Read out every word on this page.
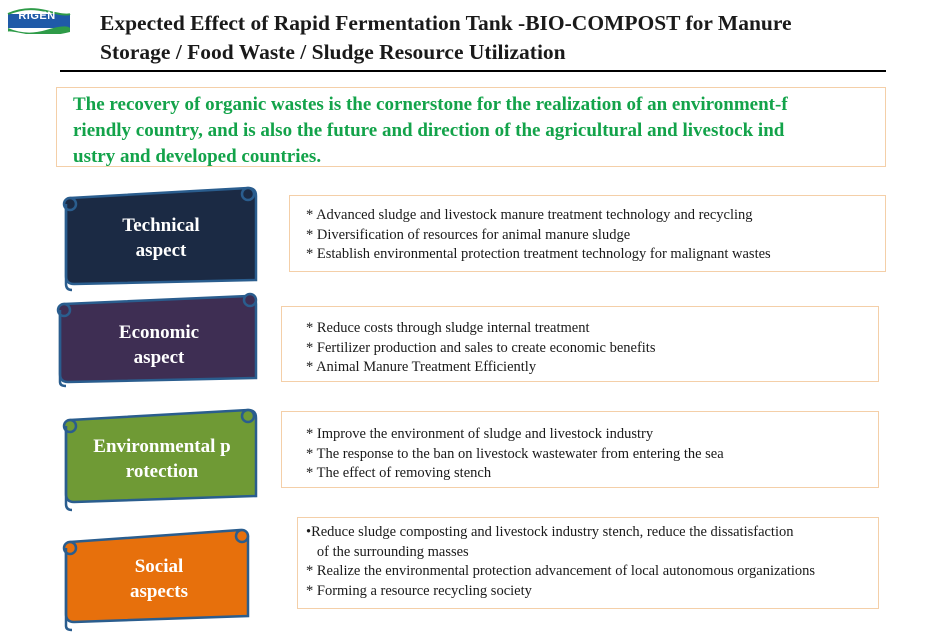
RIGEN	Expected Effect of Rapid Fermentation Tank -BIO-COMPOST for Manure
Storage / Food Waste / Sludge Resource Utilization
The recovery of organic wastes is the cornerstone for the realization of an environment-f
riendly country, and is also the future and direction of the agricultural and livestock ind
ustry and developed countries.
Technical
aspect
* Advanced sludge and livestock manure treatment technology and recycling
* Diversification of resources for animal manure sludge
* Establish environmental protection treatment technology for malignant wastes
Economic
aspect
* Reduce costs through sludge internal treatment
* Fertilizer production and sales to create economic benefits
* Animal Manure Treatment Efficiently
Environmental p
rotection
* Improve the environment of sludge and livestock industry
* The response to the ban on livestock wastewater from entering the sea
* The effect of removing stench
Social
aspects
•Reduce sludge composting and livestock industry stench, reduce the dissatisfaction
of the surrounding masses
* Realize the environmental protection advancement of local autonomous organizations
* Forming a resource recycling society
